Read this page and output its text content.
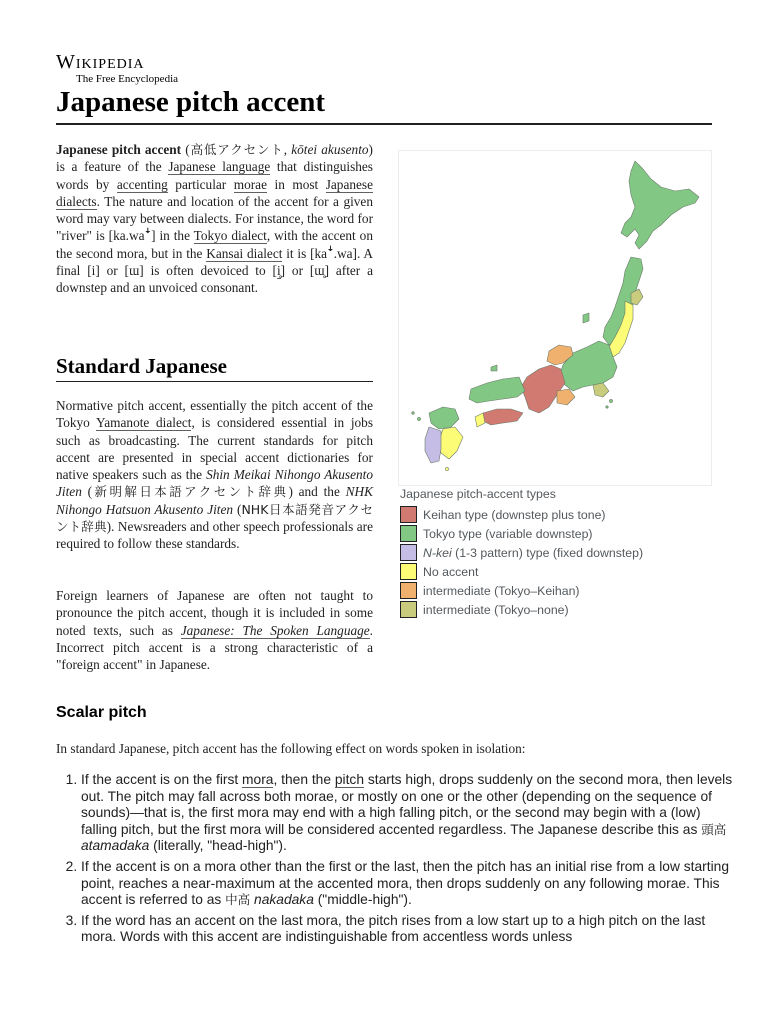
Wikipedia
The Free Encyclopedia
Japanese pitch accent

Japanese pitch accent (高低アクセント, kōtei akusento) is a feature of the Japanese language that distinguishes words by accenting particular morae in most Japanese dialects. The nature and location of the accent for a given word may vary between dialects. For instance, the word for "river" is [ka.waꜜ] in the Tokyo dialect, with the accent on the second mora, but in the Kansai dialect it is [kaꜜ.wa]. A final [i] or [ɯ] is often devoiced to [i̥] or [ɯ̥] after a downstep and an unvoiced consonant.

Standard Japanese

Normative pitch accent, essentially the pitch accent of the Tokyo Yamanote dialect, is considered essential in jobs such as broadcasting. The current standards for pitch accent are presented in special accent dictionaries for native speakers such as the Shin Meikai Nihongo Akusento Jiten (新明解日本語アクセント辞典) and the NHK Nihongo Hatsuon Akusento Jiten (NHK日本語発音アクセント辞典). Newsreaders and other speech professionals are required to follow these standards.

Foreign learners of Japanese are often not taught to pronounce the pitch accent, though it is included in some noted texts, such as Japanese: The Spoken Language. Incorrect pitch accent is a strong characteristic of a "foreign accent" in Japanese.

Scalar pitch

In standard Japanese, pitch accent has the following effect on words spoken in isolation:

1. If the accent is on the first mora, then the pitch starts high, drops suddenly on the second mora, then levels out. The pitch may fall across both morae, or mostly on one or the other (depending on the sequence of sounds)—that is, the first mora may end with a high falling pitch, or the second may begin with a (low) falling pitch, but the first mora will be considered accented regardless. The Japanese describe this as 頭高 atamadaka (literally, "head-high").
2. If the accent is on a mora other than the first or the last, then the pitch has an initial rise from a low starting point, reaches a near-maximum at the accented mora, then drops suddenly on any following morae. This accent is referred to as 中高 nakadaka ("middle-high").
3. If the word has an accent on the last mora, the pitch rises from a low start up to a high pitch on the last mora. Words with this accent are indistinguishable from accentless words unless
Japanese pitch-accent types
Keihan type (downstep plus tone)
Tokyo type (variable downstep)
N-kei (1-3 pattern) type (fixed downstep)
No accent
intermediate (Tokyo–Keihan)
intermediate (Tokyo–none)
